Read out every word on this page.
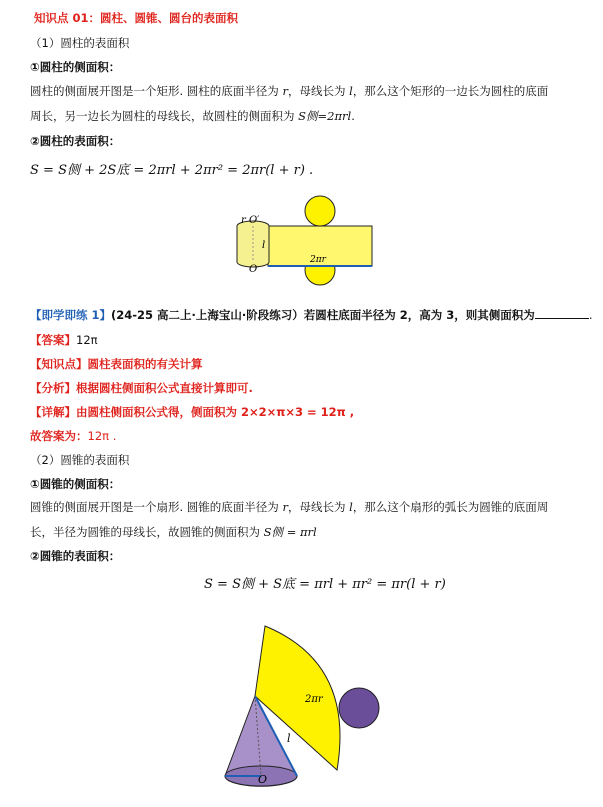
知识点 01：圆柱、圆锥、圆台的表面积
（1）圆柱的表面积
①圆柱的侧面积：
圆柱的侧面展开图是一个矩形. 圆柱的底面半径为 r，母线长为 l，那么这个矩形的一边长为圆柱的底面
周长，另一边长为圆柱的母线长，故圆柱的侧面积为 S侧=2πrl.
②圆柱的表面积：
S = S侧 + 2S底 = 2πrl + 2πr² = 2πr(l + r) .
r O′
l
O
2πr
【即学即练 1】(24-25 高二上·上海宝山·阶段练习）若圆柱底面半径为 2，高为 3，则其侧面积为	.
【答案】12π
【知识点】圆柱表面积的有关计算
【分析】根据圆柱侧面积公式直接计算即可.
【详解】由圆柱侧面积公式得，侧面积为 2×2×π×3 = 12π ,
故答案为：12π .
（2）圆锥的表面积
①圆锥的侧面积：
圆锥的侧面展开图是一个扇形. 圆锥的底面半径为 r，母线长为 l，那么这个扇形的弧长为圆锥的底面周
长，半径为圆锥的母线长，故圆锥的侧面积为 S侧 = πrl
②圆锥的表面积：
S = S侧 + S底 = πrl + πr² = πr(l + r)
2πr
l
O
